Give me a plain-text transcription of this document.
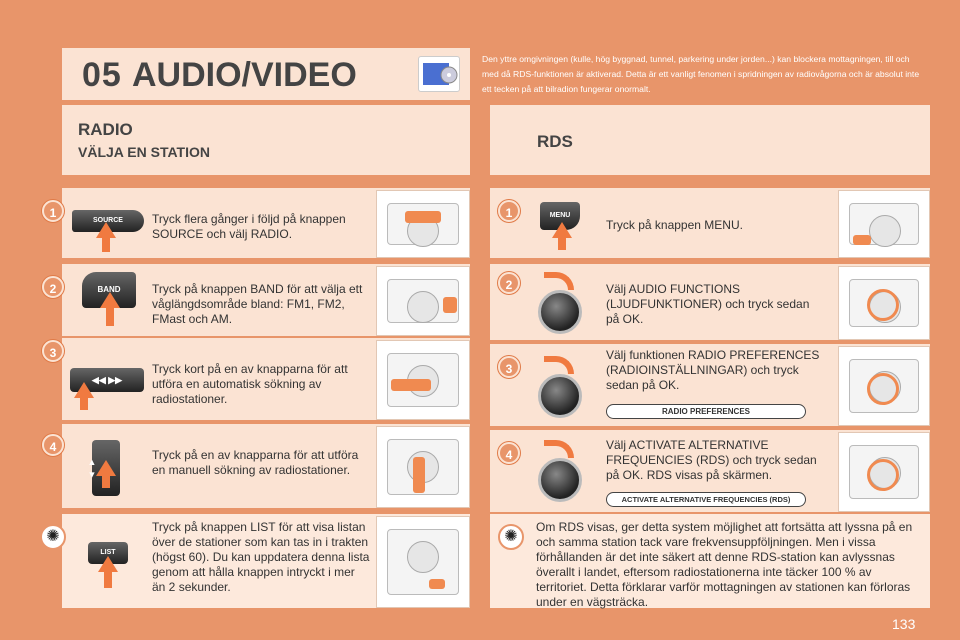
05 AUDIO/VIDEO	Den yttre omgivningen (kulle, hög byggnad, tunnel, parkering under jorden...) kan blockera mottagningen, till och med då RDS-funktionen är aktiverad. Detta är ett vanligt fenomen i spridningen av radiovågorna och är absolut inte ett tecken på att bilradion fungerar onormalt.
RADIO
VÄLJA EN STATION
RDS
1
SOURCE	Tryck flera gånger i följd på knappen SOURCE och välj RADIO.
2	BAND	Tryck på knappen BAND för att välja ett våglängdsområde bland: FM1, FM2, FMast och AM.
3
◀◀ ▶▶
Tryck kort på en av knapparna för att utföra en automatisk sökning av radiostationer.
4
▲ ▼
Tryck på en av knapparna för att utföra en manuell sökning av radiostationer.
✺
LIST
Tryck på knappen LIST för att visa listan över de stationer som kan tas in i trakten (högst 60). Du kan uppdatera denna lista genom att hålla knappen intryckt i mer än 2 sekunder.
1	MENU
Tryck på knappen MENU.
2	Välj AUDIO FUNCTIONS (LJUDFUNKTIONER) och tryck sedan på OK.
3
Välj funktionen RADIO PREFERENCES (RADIOINSTÄLLNINGAR) och tryck sedan på OK.
RADIO PREFERENCES
4
Välj ACTIVATE ALTERNATIVE FREQUENCIES (RDS) och tryck sedan på OK. RDS visas på skärmen.
ACTIVATE ALTERNATIVE FREQUENCIES (RDS)
✺
Om RDS visas, ger detta system möjlighet att fortsätta att lyssna på en och samma station tack vare frekvensuppföljningen. Men i vissa förhållanden är det inte säkert att denne RDS-station kan avlyssnas överallt i landet, eftersom radiostationerna inte täcker 100 % av territoriet. Detta förklarar varför mottagningen av stationen kan förloras under en vägsträcka.
133
